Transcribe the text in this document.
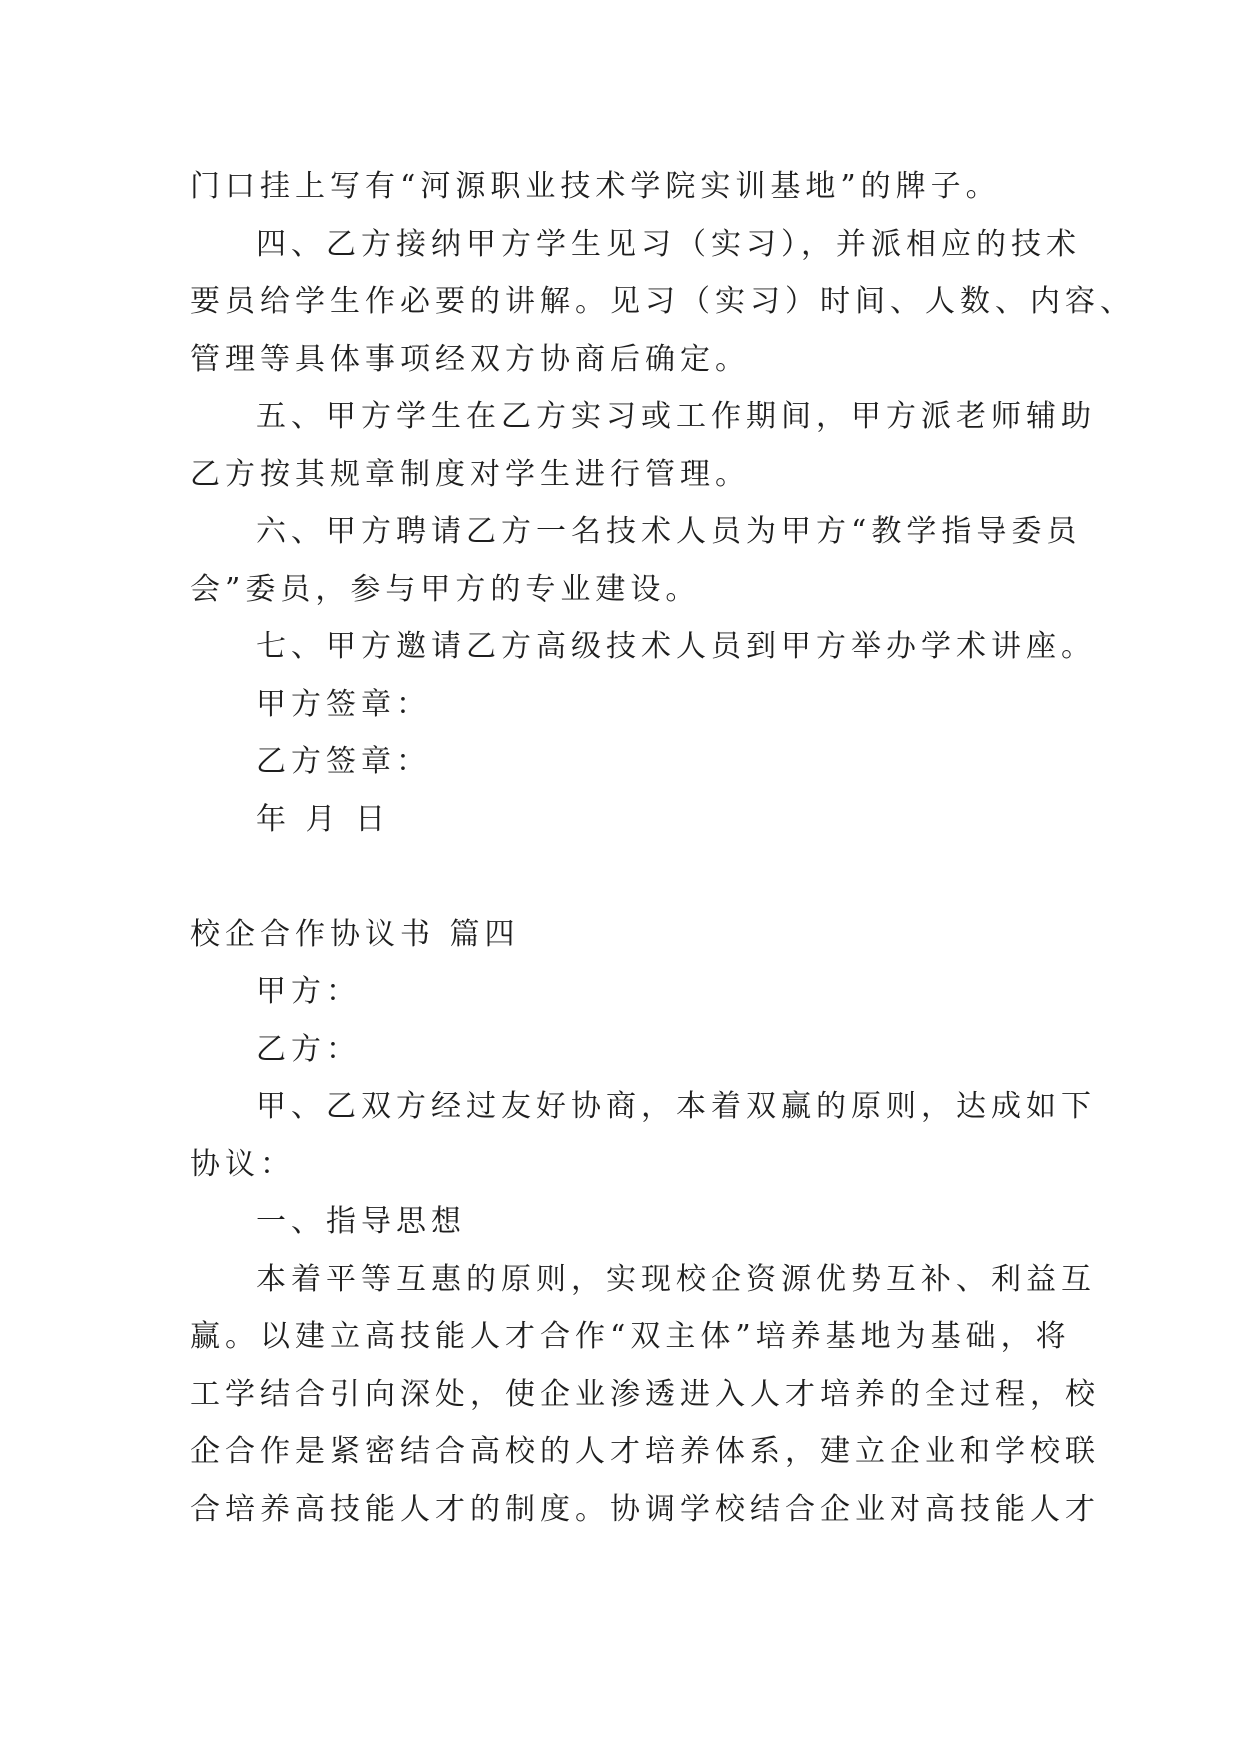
门口挂上写有“河源职业技术学院实训基地”的牌子。
四、乙方接纳甲方学生见习（实习），并派相应的技术
要员给学生作必要的讲解。见习（实习）时间、人数、内容、
管理等具体事项经双方协商后确定。
五、甲方学生在乙方实习或工作期间，甲方派老师辅助
乙方按其规章制度对学生进行管理。
六、甲方聘请乙方一名技术人员为甲方“教学指导委员
会”委员，参与甲方的专业建设。
七、甲方邀请乙方高级技术人员到甲方举办学术讲座。
甲方签章：
乙方签章：
年 月 日
校企合作协议书 篇四
甲方：
乙方：
甲、乙双方经过友好协商，本着双赢的原则，达成如下
协议：
一、指导思想
本着平等互惠的原则，实现校企资源优势互补、利益互
赢。以建立高技能人才合作“双主体”培养基地为基础，将
工学结合引向深处，使企业渗透进入人才培养的全过程，校
企合作是紧密结合高校的人才培养体系，建立企业和学校联
合培养高技能人才的制度。协调学校结合企业对高技能人才
